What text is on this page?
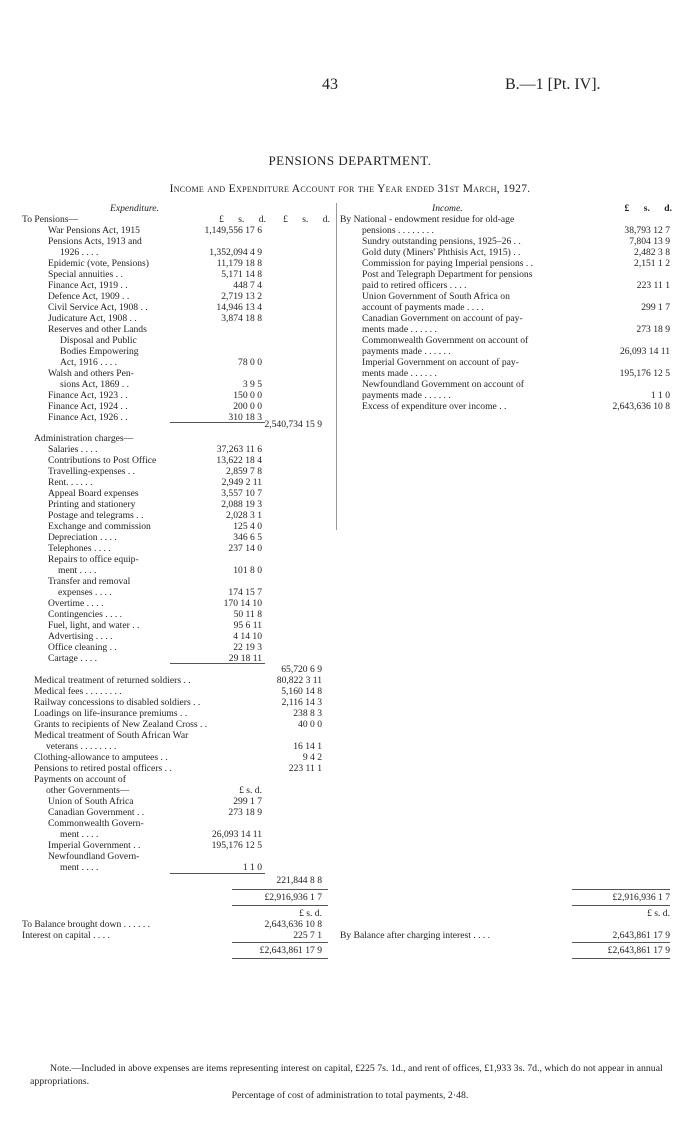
43	B.—1 [Pt. IV].
PENSIONS DEPARTMENT.
Income and Expenditure Account for the Year ended 31st March, 1927.
Expenditure.
£      s.      d.	£      s.      d.
To Pensions—
War Pensions Act, 1915	1,149,556 17 6
Pensions Acts, 1913 and
1926 . . . .	1,352,094 4 9
Epidemic (vote, Pensions)	11,179 18 8
Special annuities . .	5,171 14 8
Finance Act, 1919 . .	448 7 4
Defence Act, 1909 . .	2,719 13 2
Civil Service Act, 1908 . .	14,946 13 4
Judicature Act, 1908 . .	3,874 18 8
Reserves and other Lands
Disposal and Public
Bodies Empowering
Act, 1916 . . . .	78 0 0
Walsh and others Pen-
sions Act, 1869 . .	3 9 5
Finance Act, 1923 . .	150 0 0
Finance Act, 1924 . .	200 0 0
Finance Act, 1926 . .	310 18 3
2,540,734 15 9
Administration charges—
Salaries . . . .	37,263 11 6
Contributions to Post Office	13,622 18 4
Travelling-expenses . .	2,859 7 8
Rent. . . . . .	2,949 2 11
Appeal Board expenses	3,557 10 7
Printing and stationery	2,088 19 3
Postage and telegrams . .	2,028 3 1
Exchange and commission	125 4 0
Depreciation . . . .	346 6 5
Telephones . . . .	237 14 0
Repairs to office equip-
ment . . . .	101 8 0
Transfer and removal
expenses . . . .	174 15 7
Overtime . . . .	170 14 10
Contingencies . . . .	50 11 8
Fuel, light, and water . .	95 6 11
Advertising . . . .	4 14 10
Office cleaning . .	22 19 3
Cartage . . . .	29 18 11
65,720 6 9
Medical treatment of returned soldiers . .	80,822 3 11
Medical fees . . . . . . . .	5,160 14 8
Railway concessions to disabled soldiers . .	2,116 14 3
Loadings on life-insurance premiums . .	238 8 3
Grants to recipients of New Zealand Cross . .	40 0 0
Medical treatment of South African War
veterans . . . . . . . .	16 14 1
Clothing-allowance to amputees . .	9 4 2
Pensions to retired postal officers . .	223 11 1
Payments on account of
other Governments—	£ s. d.
Union of South Africa	299 1 7
Canadian Government . .	273 18 9
Commonwealth Govern-
ment . . . .	26,093 14 11
Imperial Government . .	195,176 12 5
Newfoundland Govern-
ment . . . .	1 1 0
221,844 8 8
£2,916,936 1 7
£ s. d.
To Balance brought down . . . . . .	2,643,636 10 8
Interest on capital . . . .	225 7 1
£2,643,861 17 9
Income.	£      s.      d.
By National - endowment residue for old-age
pensions . . . . . . . .	38,793 12 7
Sundry outstanding pensions, 1925–26 . .	7,804 13 9
Gold duty (Miners' Phthisis Act, 1915) . .	2,482 3 8
Commission for paying Imperial pensions . .	2,151 1 2
Post and Telegraph Department for pensions
paid to retired officers . . . .	223 11 1
Union Government of South Africa on
account of payments made . . . .	299 1 7
Canadian Government on account of pay-
ments made . . . . . .	273 18 9
Commonwealth Government on account of
payments made . . . . . .	26,093 14 11
Imperial Government on account of pay-
ments made . . . . . .	195,176 12 5
Newfoundland Government on account of
payments made . . . . . .	1 1 0
Excess of expenditure over income . .	2,643,636 10 8
£2,916,936 1 7
£ s. d.
By Balance after charging interest . . . .	2,643,861 17 9
£2,643,861 17 9
Note.—Included in above expenses are items representing interest on capital, £225 7s. 1d., and rent of offices, £1,933 3s. 7d., which do not appear in annual appropriations.
Percentage of cost of administration to total payments, 2·48.
